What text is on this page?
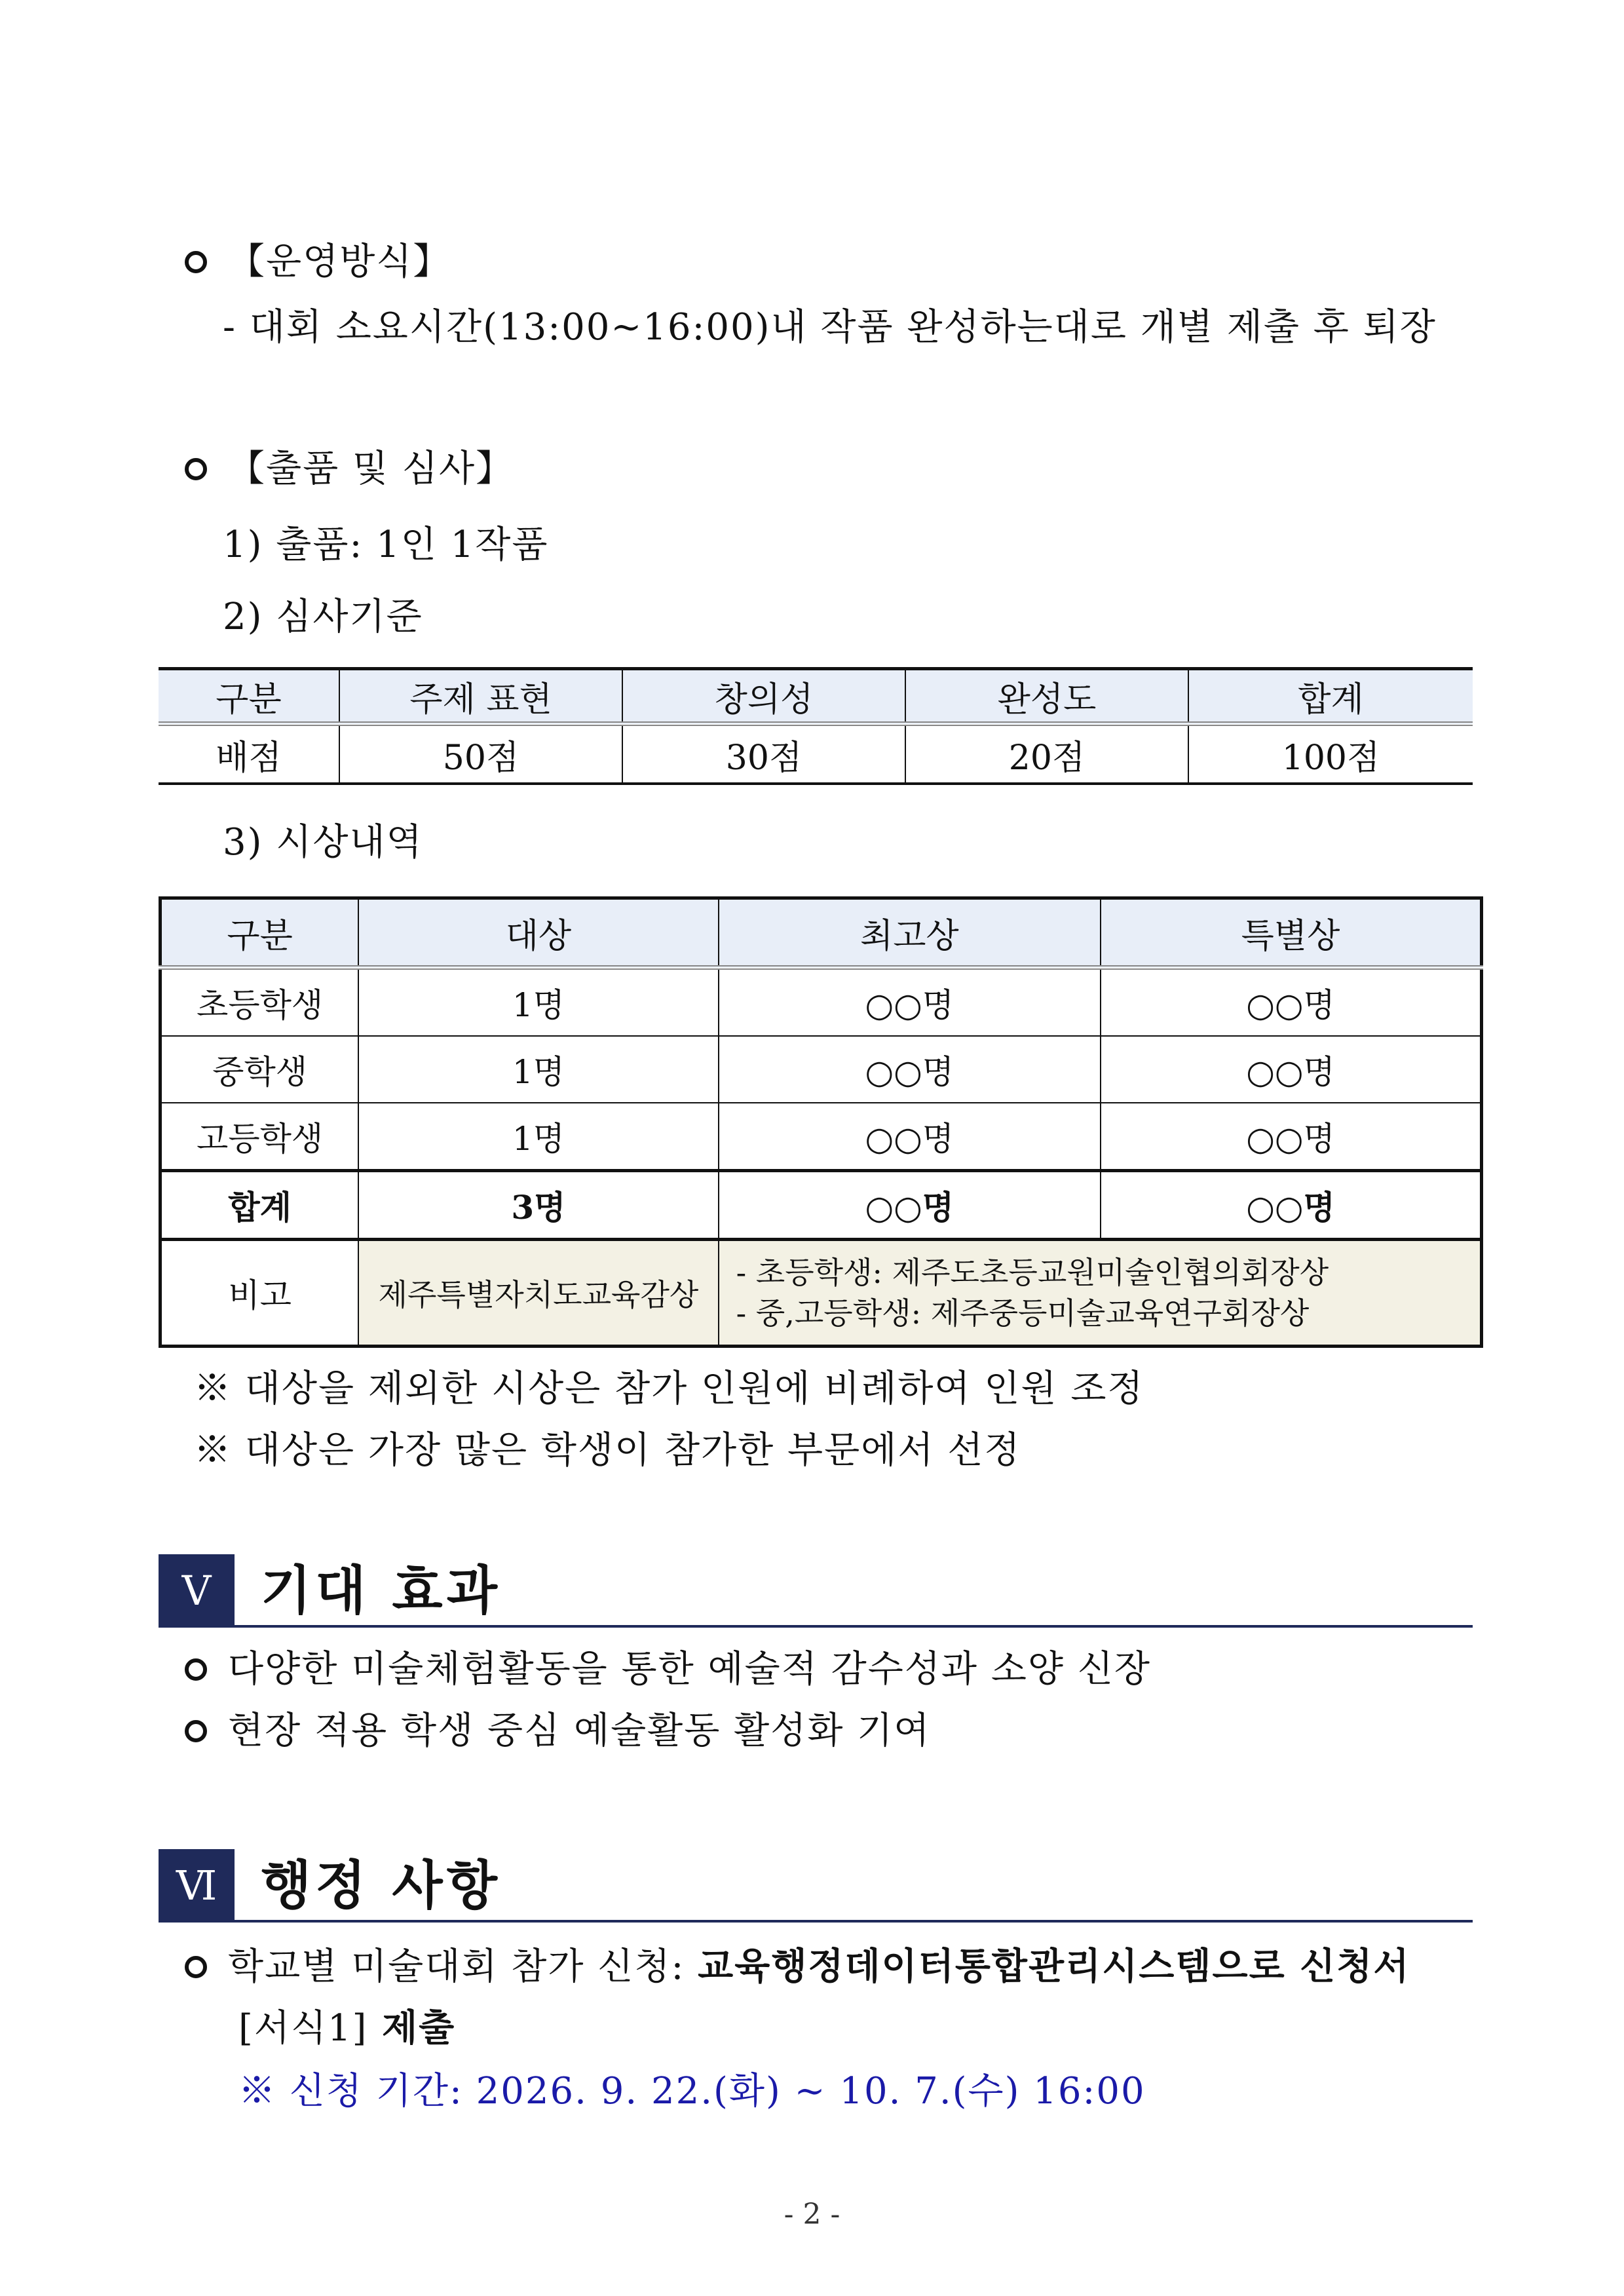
【운영방식】
- 대회 소요시간(13:00~16:00)내 작품 완성하는대로 개별 제출 후 퇴장
【출품 및 심사】
1) 출품: 1인 1작품
2) 심사기준
구분	주제 표현	창의성	완성도	합계
배점	50점	30점	20점	100점
3) 시상내역
구분	대상	최고상	특별상
초등학생	1명	○○명	○○명
중학생	1명	○○명	○○명
고등학생	1명	○○명	○○명
합계	3명	○○명	○○명
비고	제주특별자치도교육감상	- 초등학생: 제주도초등교원미술인협의회장상
- 중,고등학생: 제주중등미술교육연구회장상	
※ 대상을 제외한 시상은 참가 인원에 비례하여 인원 조정
※ 대상은 가장 많은 학생이 참가한 부문에서 선정
Ⅴ 기대 효과
다양한 미술체험활동을 통한 예술적 감수성과 소양 신장
현장 적용 학생 중심 예술활동 활성화 기여
Ⅵ 행정 사항
학교별 미술대회 참가 신청: 교육행정데이터통합관리시스템으로 신청서
[서식1] 제출
※ 신청 기간: 2026. 9. 22.(화) ~ 10. 7.(수) 16:00
- 2 -
